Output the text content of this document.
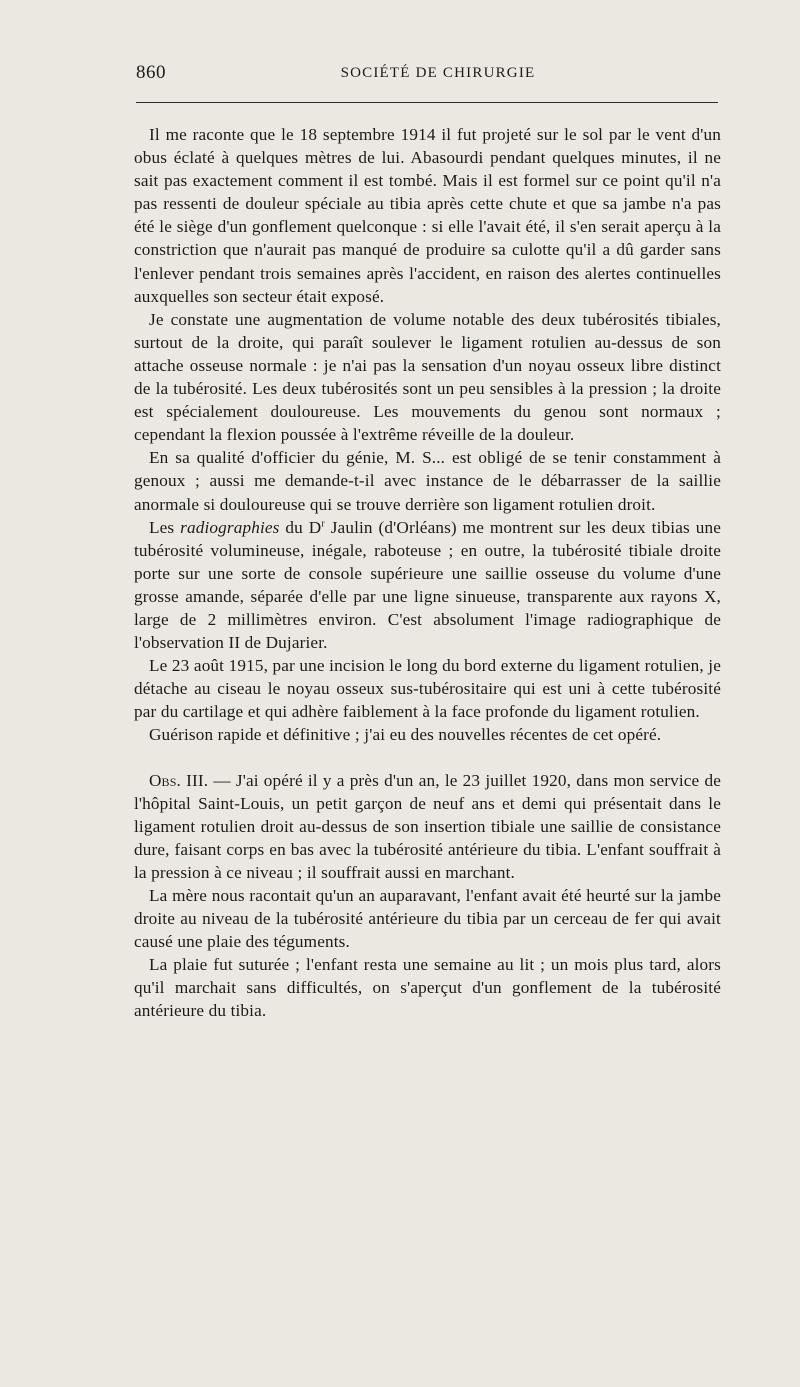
860	SOCIÉTÉ DE CHIRURGIE

Il me raconte que le 18 septembre 1914 il fut projeté sur le sol par le vent d'un obus éclaté à quelques mètres de lui. Abasourdi pendant quelques minutes, il ne sait pas exactement comment il est tombé. Mais il est formel sur ce point qu'il n'a pas ressenti de douleur spéciale au tibia après cette chute et que sa jambe n'a pas été le siège d'un gonflement quelconque : si elle l'avait été, il s'en serait aperçu à la constriction que n'aurait pas manqué de produire sa culotte qu'il a dû garder sans l'enlever pendant trois semaines après l'accident, en raison des alertes continuelles auxquelles son secteur était exposé.

Je constate une augmentation de volume notable des deux tubérosités tibiales, surtout de la droite, qui paraît soulever le ligament rotulien au-dessus de son attache osseuse normale : je n'ai pas la sensation d'un noyau osseux libre distinct de la tubérosité. Les deux tubérosités sont un peu sensibles à la pression ; la droite est spécialement douloureuse. Les mouvements du genou sont normaux ; cependant la flexion poussée à l'extrême réveille de la douleur.

En sa qualité d'officier du génie, M. S... est obligé de se tenir constamment à genoux ; aussi me demande-t-il avec instance de le débarrasser de la saillie anormale si douloureuse qui se trouve derrière son ligament rotulien droit.

Les radiographies du $D^r$ Jaulin (d'Orléans) me montrent sur les deux tibias une tubérosité volumineuse, inégale, raboteuse ; en outre, la tubérosité tibiale droite porte sur une sorte de console supérieure une saillie osseuse du volume d'une grosse amande, séparée d'elle par une ligne sinueuse, transparente aux rayons X, large de 2 millimètres environ. C'est absolument l'image radiographique de l'observation II de Dujarier.

Le 23 août 1915, par une incision le long du bord externe du ligament rotulien, je détache au ciseau le noyau osseux sus-tubérositaire qui est uni à cette tubérosité par du cartilage et qui adhère faiblement à la face profonde du ligament rotulien.

Guérison rapide et définitive ; j'ai eu des nouvelles récentes de cet opéré.

Obs. III. — J'ai opéré il y a près d'un an, le 23 juillet 1920, dans mon service de l'hôpital Saint-Louis, un petit garçon de neuf ans et demi qui présentait dans le ligament rotulien droit au-dessus de son insertion tibiale une saillie de consistance dure, faisant corps en bas avec la tubérosité antérieure du tibia. L'enfant souffrait à la pression à ce niveau ; il souffrait aussi en marchant.

La mère nous racontait qu'un an auparavant, l'enfant avait été heurté sur la jambe droite au niveau de la tubérosité antérieure du tibia par un cerceau de fer qui avait causé une plaie des téguments.

La plaie fut suturée ; l'enfant resta une semaine au lit ; un mois plus tard, alors qu'il marchait sans difficultés, on s'aperçut d'un gonflement de la tubérosité antérieure du tibia.
